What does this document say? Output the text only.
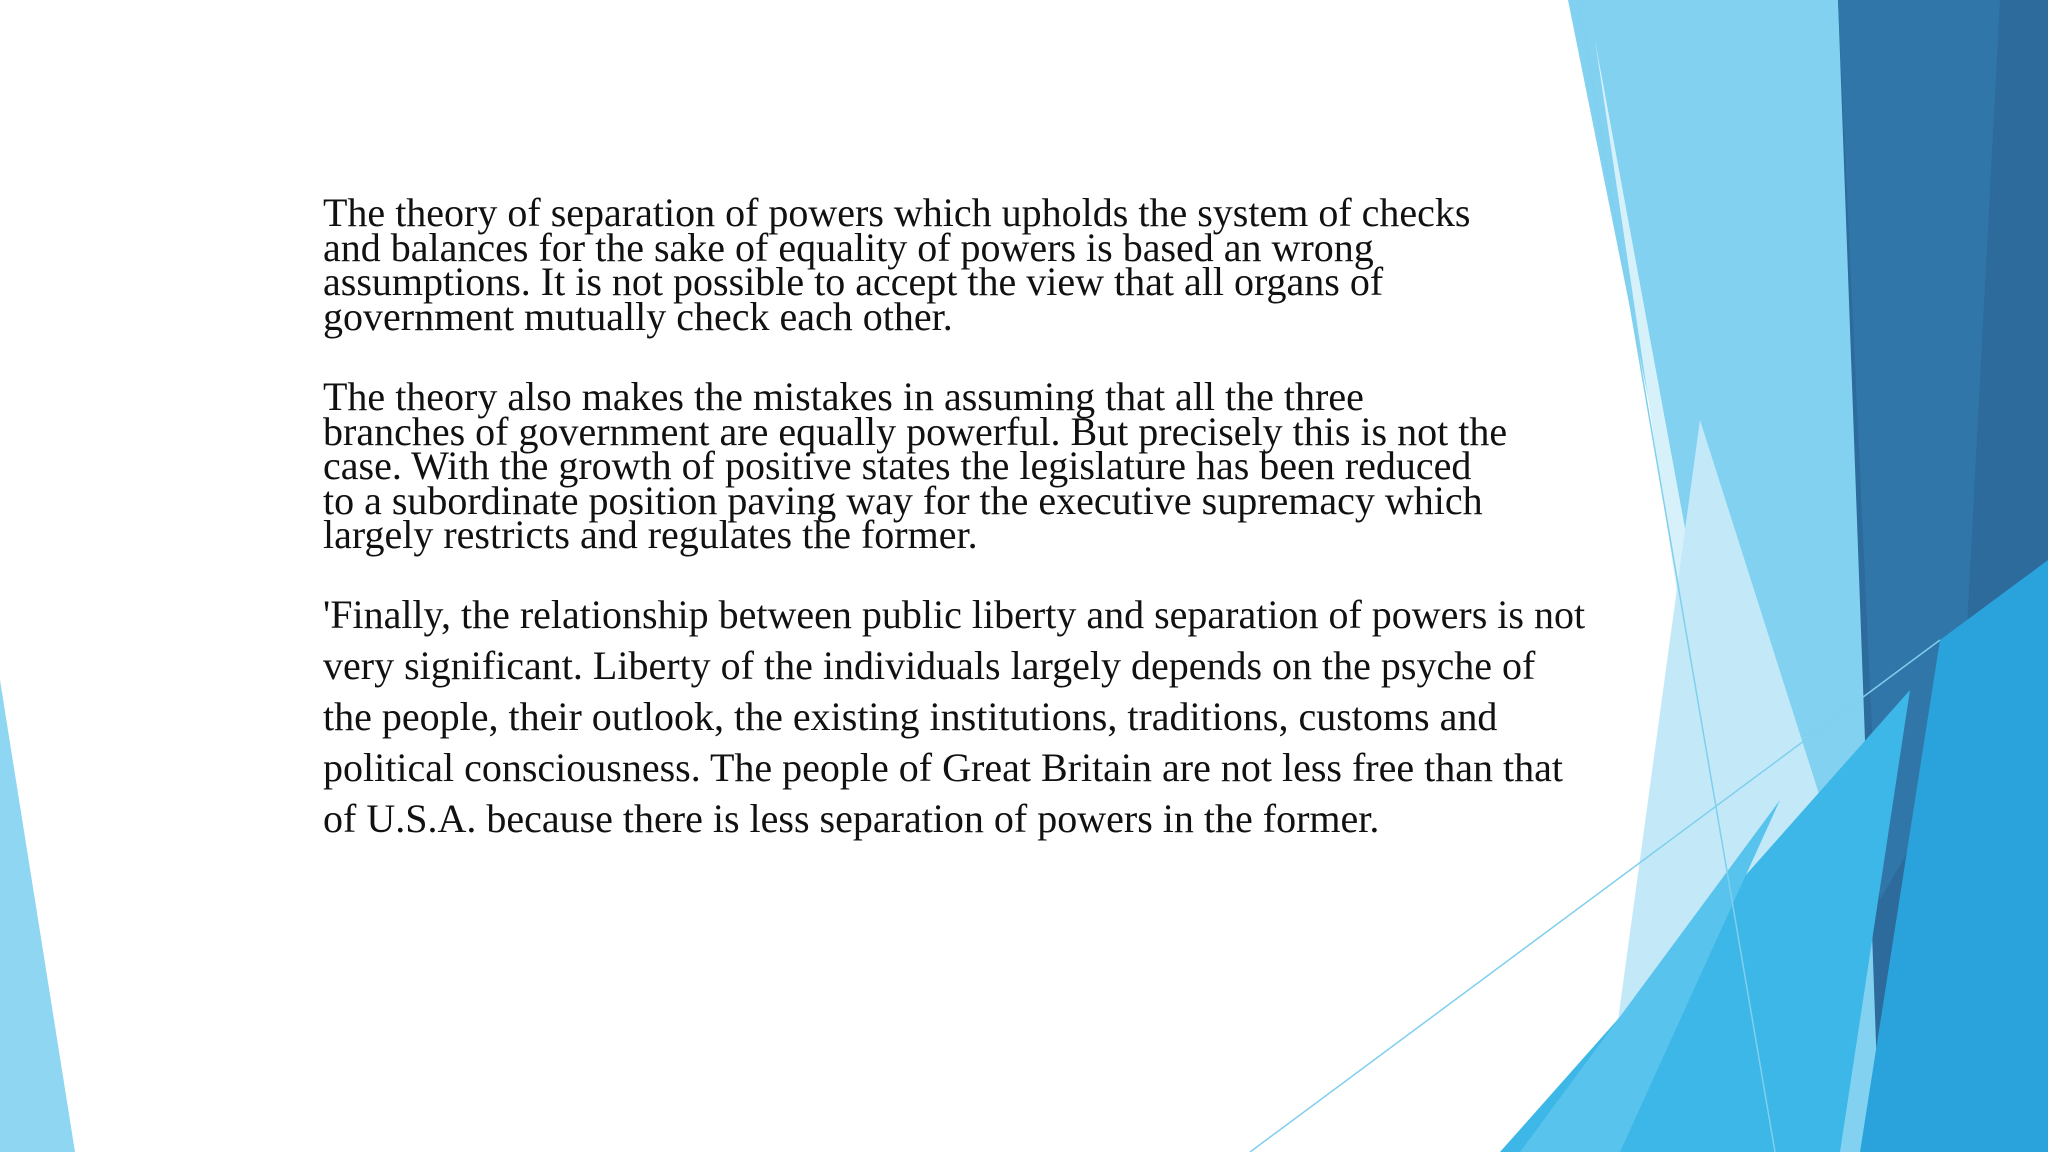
The theory of separation of powers which upholds the system of checks
and balances for the sake of equality of powers is based an wrong
assumptions. It is not possible to accept the view that all organs of
government mutually check each other.

The theory also makes the mistakes in assuming that all the three
branches of government are equally powerful. But precisely this is not the
case. With the growth of positive states the legislature has been reduced
to a subordinate position paving way for the executive supremacy which
largely restricts and regulates the former.

'Finally, the relationship between public liberty and separation of powers is not very significant. Liberty of the individuals largely depends on the psyche of the people, their outlook, the existing institutions, traditions, customs and political consciousness. The people of Great Britain are not less free than that of U.S.A. because there is less separation of powers in the former.
